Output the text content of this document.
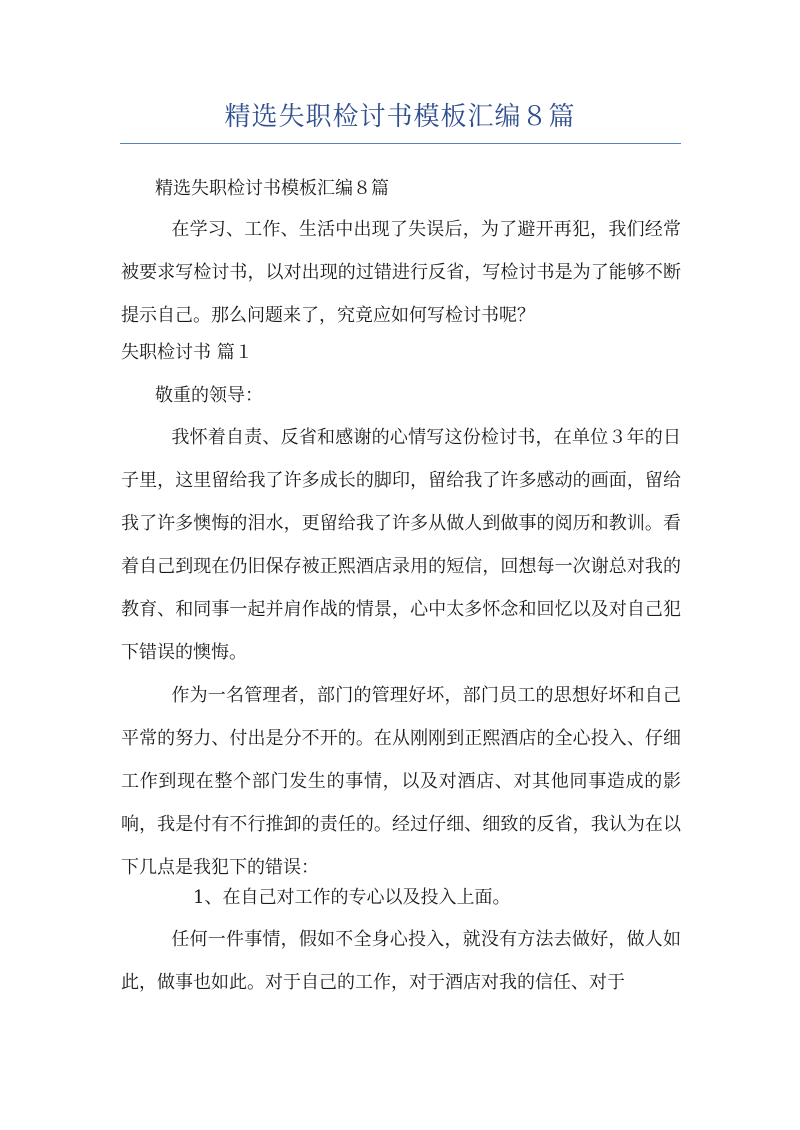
精选失职检讨书模板汇编８篇
精选失职检讨书模板汇编８篇

在学习、工作、生活中出现了失误后，为了避开再犯，我们经常被要求写检讨书，以对出现的过错进行反省，写检讨书是为了能够不断提示自己。那么问题来了，究竟应如何写检讨书呢？

失职检讨书 篇１
敬重的领导：

我怀着自责、反省和感谢的心情写这份检讨书，在单位３年的日子里，这里留给我了许多成长的脚印，留给我了许多感动的画面，留给我了许多懊悔的泪水，更留给我了许多从做人到做事的阅历和教训。看着自己到现在仍旧保存被正熙酒店录用的短信，回想每一次谢总对我的教育、和同事一起并肩作战的情景，心中太多怀念和回忆以及对自己犯下错误的懊悔。

作为一名管理者，部门的管理好坏，部门员工的思想好坏和自己平常的努力、付出是分不开的。在从刚刚到正熙酒店的全心投入、仔细工作到现在整个部门发生的事情，以及对酒店、对其他同事造成的影响，我是付有不行推卸的责任的。经过仔细、细致的反省，我认为在以下几点是我犯下的错误：

1、在自己对工作的专心以及投入上面。

任何一件事情，假如不全身心投入，就没有方法去做好，做人如此，做事也如此。对于自己的工作，对于酒店对我的信任、对于
